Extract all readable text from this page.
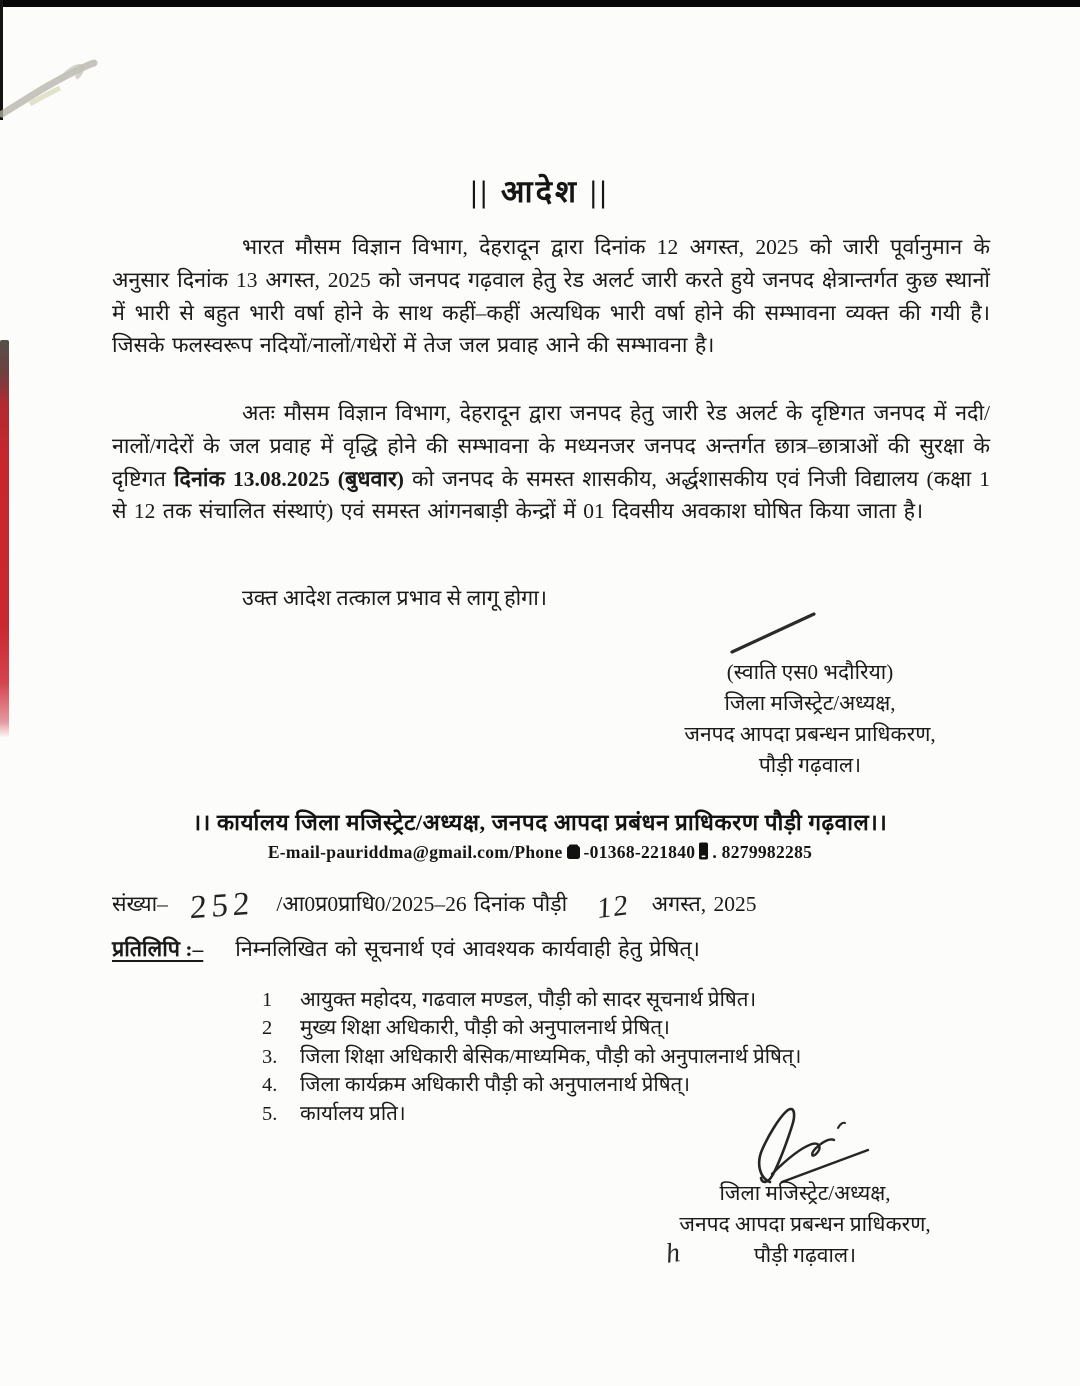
|| आदेश ||
भारत मौसम विज्ञान विभाग, देहरादून द्वारा दिनांक 12 अगस्त, 2025 को जारी पूर्वानुमान के अनुसार दिनांक 13 अगस्त, 2025 को जनपद गढ़वाल हेतु रेड अलर्ट जारी करते हुये जनपद क्षेत्रान्तर्गत कुछ स्थानों में भारी से बहुत भारी वर्षा होने के साथ कहीं–कहीं अत्यधिक भारी वर्षा होने की सम्भावना व्यक्त की गयी है। जिसके फलस्वरूप नदियों/नालों/गधेरों में तेज जल प्रवाह आने की सम्भावना है।
अतः मौसम विज्ञान विभाग, देहरादून द्वारा जनपद हेतु जारी रेड अलर्ट के दृष्टिगत जनपद में नदी/नालों/गदेरों के जल प्रवाह में वृद्धि होने की सम्भावना के मध्यनजर जनपद अन्तर्गत छात्र–छात्राओं की सुरक्षा के दृष्टिगत दिनांक 13.08.2025 (बुधवार) को जनपद के समस्त शासकीय, अर्द्धशासकीय एवं निजी विद्यालय (कक्षा 1 से 12 तक संचालित संस्थाएं) एवं समस्त आंगनबाड़ी केन्द्रों में 01 दिवसीय अवकाश घोषित किया जाता है।
उक्त आदेश तत्काल प्रभाव से लागू होगा।
(स्वाति एस0 भदौरिया)
जिला मजिस्ट्रेट/अध्यक्ष,
जनपद आपदा प्रबन्धन प्राधिकरण,
पौड़ी गढ़वाल।
।। कार्यालय जिला मजिस्ट्रेट/अध्यक्ष, जनपद आपदा प्रबंधन प्राधिकरण पौड़ी गढ़वाल।।
E-mail-pauriddma@gmail.com/Phone -01368-221840 . 8279982285
संख्या– 252 /आ0प्र0प्राधि0/2025–26 दिनांक पौड़ी 12 अगस्त, 2025
प्रतिलिपि :– निम्नलिखित को सूचनार्थ एवं आवश्यक कार्यवाही हेतु प्रेषित्।
1 आयुक्त महोदय, गढवाल मण्डल, पौड़ी को सादर सूचनार्थ प्रेषित।
2 मुख्य शिक्षा अधिकारी, पौड़ी को अनुपालनार्थ प्रेषित्।
3. जिला शिक्षा अधिकारी बेसिक/माध्यमिक, पौड़ी को अनुपालनार्थ प्रेषित्।
4. जिला कार्यक्रम अधिकारी पौड़ी को अनुपालनार्थ प्रेषित्।
5. कार्यालय प्रति।
जिला मजिस्ट्रेट/अध्यक्ष,
जनपद आपदा प्रबन्धन प्राधिकरण,
पौड़ी गढ़वाल।
h
